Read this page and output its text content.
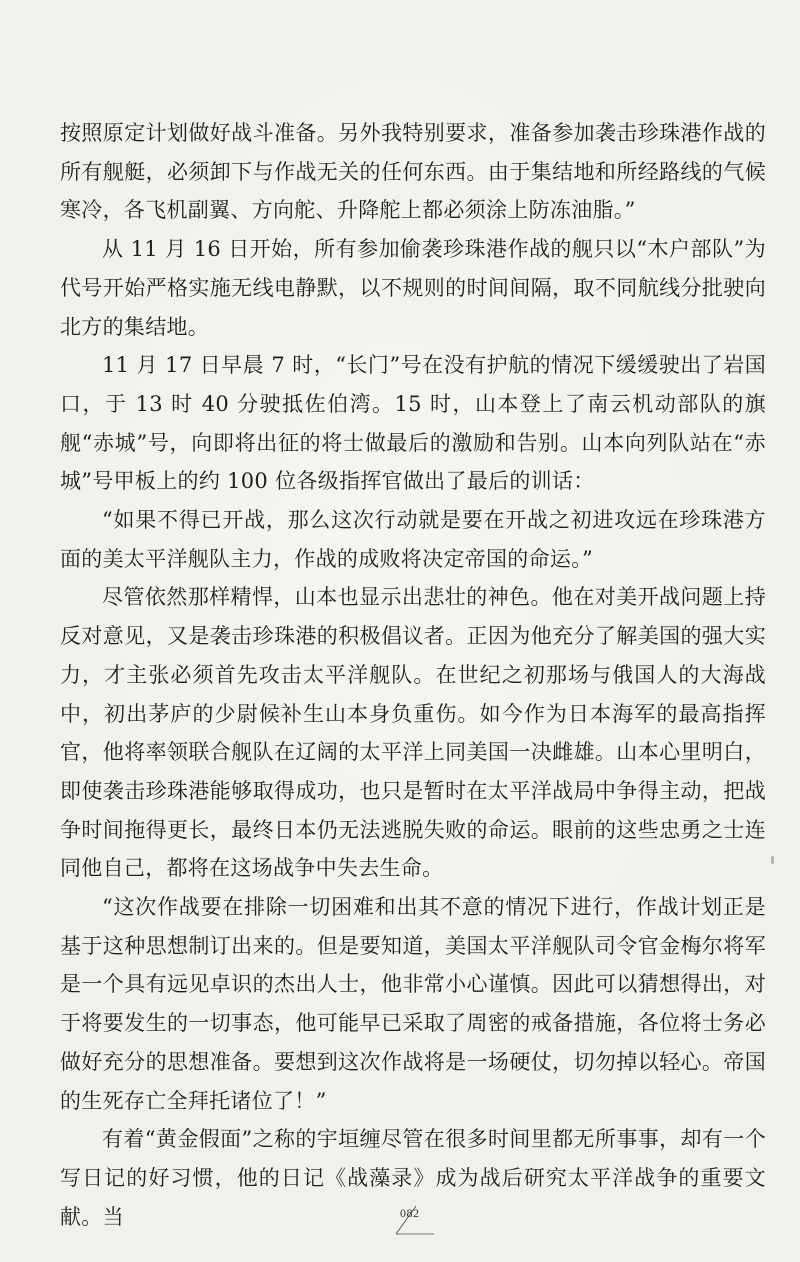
按照原定计划做好战斗准备。另外我特别要求，准备参加袭击珍珠港作战的所有舰艇，必须卸下与作战无关的任何东西。由于集结地和所经路线的气候寒冷，各飞机副翼、方向舵、升降舵上都必须涂上防冻油脂。”

从 11 月 16 日开始，所有参加偷袭珍珠港作战的舰只以“木户部队”为代号开始严格实施无线电静默，以不规则的时间间隔，取不同航线分批驶向北方的集结地。

11 月 17 日早晨 7 时，“长门”号在没有护航的情况下缓缓驶出了岩国口，于 13 时 40 分驶抵佐伯湾。15 时，山本登上了南云机动部队的旗舰“赤城”号，向即将出征的将士做最后的激励和告别。山本向列队站在“赤城”号甲板上的约 100 位各级指挥官做出了最后的训话：

“如果不得已开战，那么这次行动就是要在开战之初进攻远在珍珠港方面的美太平洋舰队主力，作战的成败将决定帝国的命运。”

尽管依然那样精悍，山本也显示出悲壮的神色。他在对美开战问题上持反对意见，又是袭击珍珠港的积极倡议者。正因为他充分了解美国的强大实力，才主张必须首先攻击太平洋舰队。在世纪之初那场与俄国人的大海战中，初出茅庐的少尉候补生山本身负重伤。如今作为日本海军的最高指挥官，他将率领联合舰队在辽阔的太平洋上同美国一决雌雄。山本心里明白，即使袭击珍珠港能够取得成功，也只是暂时在太平洋战局中争得主动，把战争时间拖得更长，最终日本仍无法逃脱失败的命运。眼前的这些忠勇之士连同他自己，都将在这场战争中失去生命。

“这次作战要在排除一切困难和出其不意的情况下进行，作战计划正是基于这种思想制订出来的。但是要知道，美国太平洋舰队司令官金梅尔将军是一个具有远见卓识的杰出人士，他非常小心谨慎。因此可以猜想得出，对于将要发生的一切事态，他可能早已采取了周密的戒备措施，各位将士务必做好充分的思想准备。要想到这次作战将是一场硬仗，切勿掉以轻心。帝国的生死存亡全拜托诸位了！”

有着“黄金假面”之称的宇垣缠尽管在很多时间里都无所事事，却有一个写日记的好习惯，他的日记《战藻录》成为战后研究太平洋战争的重要文献。当	082
